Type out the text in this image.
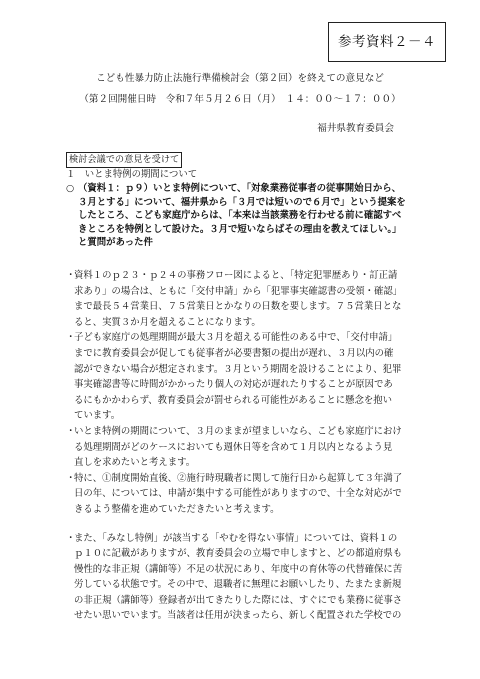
参考資料２－４
こども性暴力防止法施行準備検討会（第２回）を終えての意見など
（第２回開催日時　令和７年５月２６日（月）　１４：００～１７：００）
福井県教育委員会
検討会議での意見を受けて
１　いとま特例の期間について
○ （資料１：ｐ９）いとま特例について、「対象業務従事者の従事開始日から、
３月とする」について、福井県から「３月では短いので６月で」という提案を
したところ、こども家庭庁からは、「本来は当該業務を行わせる前に確認すべ
きところを特例として設けた。３月で短いならばその理由を教えてほしい。」
と質問があった件
・
資料１のｐ２３・ｐ２４の事務フロー図によると、「特定犯罪歴あり・訂正請
求あり」の場合は、ともに「交付申請」から「犯罪事実確認書の受領・確認」
まで最長５４営業日、７５営業日とかなりの日数を要します。７５営業日とな
ると、実質３か月を超えることになります。
・
子ども家庭庁の処理期間が最大３月を超える可能性のある中で、「交付申請」
までに教育委員会が促しても従事者が必要書類の提出が遅れ、３月以内の確
認ができない場合が想定されます。３月という期間を設けることにより、犯罪
事実確認書等に時間がかかったり個人の対応が遅れたりすることが原因であ
るにもかかわらず、教育委員会が罰せられる可能性があることに懸念を抱い
ています。
・
いとま特例の期間について、３月のままが望ましいなら、こども家庭庁におけ
る処理期間がどのケースにおいても週休日等を含めて１月以内となるよう見
直しを求めたいと考えます。
・
特に、①制度開始直後、②施行時現職者に関して施行日から起算して３年満了
日の年、については、申請が集中する可能性がありますので、十全な対応がで
きるよう整備を進めていただきたいと考えます。
・
また、「みなし特例」が該当する「やむを得ない事情」については、資料１の
ｐ１０に記載がありますが、教育委員会の立場で申しますと、どの都道府県も
慢性的な非正規（講師等）不足の状況にあり、年度中の育休等の代替確保に苦
労している状態です。その中で、退職者に無理にお願いしたり、たまたま新規
の非正規（講師等）登録者が出てきたりした際には、すぐにでも業務に従事さ
せたい思いでいます。当該者は任用が決まったら、新しく配置された学校での
